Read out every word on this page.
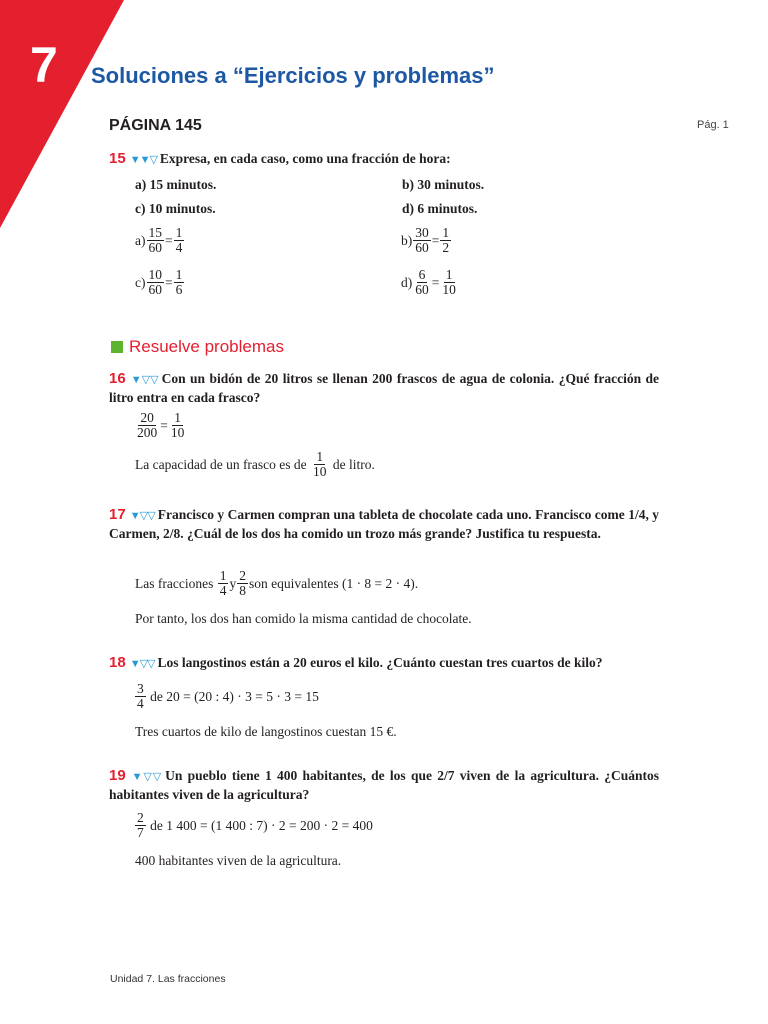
7 Soluciones a “Ejercicios y problemas”
PÁGINA 145	Pág. 1
15 ▼▼▽ Expresa, en cada caso, como una fracción de hora:
a) 15 minutos.	b) 30 minutos.
c) 10 minutos.	d) 6 minutos.
$a) \frac{15}{60} = \frac{1}{4}$	$b) \frac{30}{60} = \frac{1}{2}$
$c) \frac{10}{60} = \frac{1}{6}$	$d) \frac{6}{60} = \frac{1}{10}$
Resuelve problemas
16 ▼▽▽ Con un bidón de 20 litros se llenan 200 frascos de agua de colonia. ¿Qué fracción de litro entra en cada frasco?
$\frac{20}{200} = \frac{1}{10}$
La capacidad de un frasco es de
$\frac{1}{10}$
de litro.
17 ▼▽▽ Francisco y Carmen compran una tableta de chocolate cada uno. Francisco come 1/4, y Carmen, 2/8. ¿Cuál de los dos ha comido un trozo más grande? Justifica tu respuesta.
Las fracciones
$\frac{1}{4}$ y $\frac{2}{8}$ son equivalentes (1 · 8 = 2 · 4).
Por tanto, los dos han comido la misma cantidad de chocolate.
18 ▼▽▽ Los langostinos están a 20 euros el kilo. ¿Cuánto cuestan tres cuartos de kilo?
$\frac{3}{4}$
de 20 = (20 : 4) · 3 = 5 · 3 = 15
Tres cuartos de kilo de langostinos cuestan 15 €.
19 ▼▽▽ Un pueblo tiene 1 400 habitantes, de los que 2/7 viven de la agricultura. ¿Cuántos habitantes viven de la agricultura?
$\frac{2}{7}$
de 1 400 = (1 400 : 7) · 2 = 200 · 2 = 400
400 habitantes viven de la agricultura.
Unidad 7. Las fracciones
